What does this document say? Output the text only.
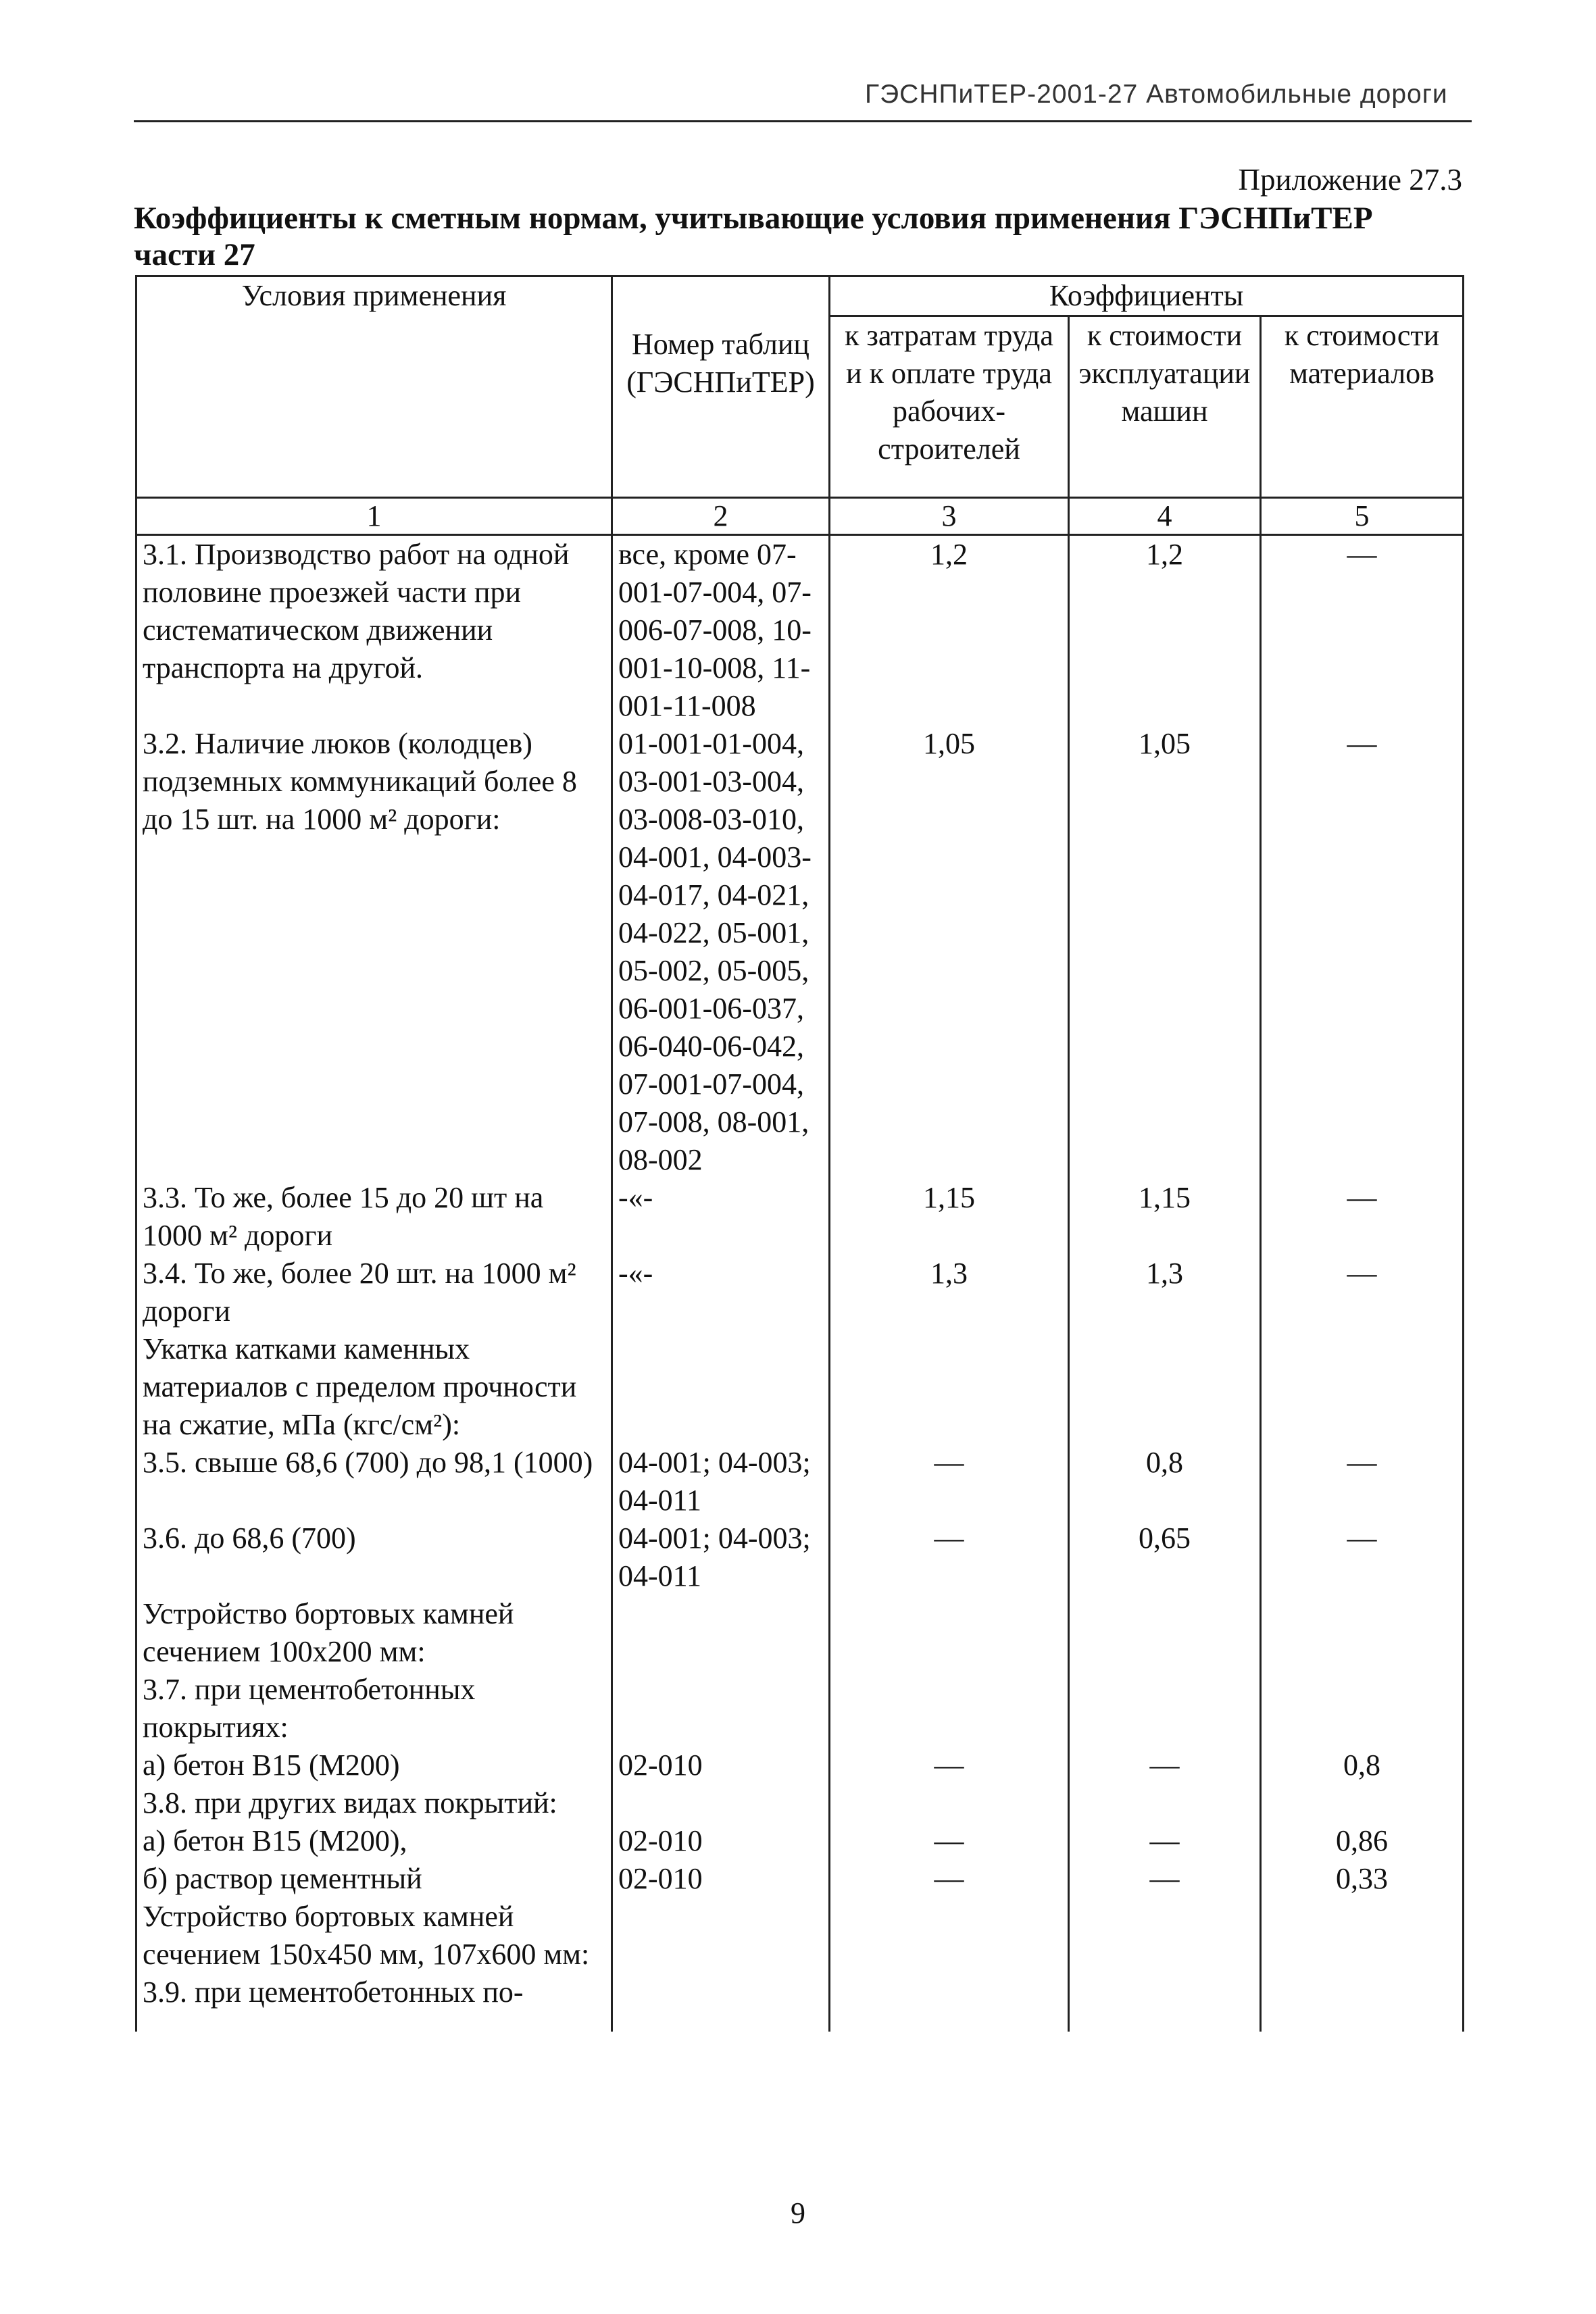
ГЭСНПиТЕР-2001-27 Автомобильные дороги
Приложение 27.3
Коэффициенты к сметным нормам, учитывающие условия применения ГЭСНПиТЕР
части 27
Условия применения	Номер таблиц (ГЭСНПиТЕР)	Коэффициенты		
		к затратам труда и к оплате труда рабочих-строителей	к стоимости эксплуатации машин	к стоимости материалов
1	2	3	4	5
3.1. Производство работ на одной половине проезжей части при систематическом движении транспорта на другой.	все, кроме 07-001-07-004, 07-006-07-008, 10-001-10-008, 11-001-11-008	1,2	1,2	—
3.2. Наличие люков (колодцев) подземных коммуникаций более 8 до 15 шт. на 1000 м² дороги:	01-001-01-004, 03-001-03-004, 03-008-03-010, 04-001, 04-003-04-017, 04-021, 04-022, 05-001, 05-002, 05-005, 06-001-06-037, 06-040-06-042, 07-001-07-004, 07-008, 08-001, 08-002	1,05	1,05	—
3.3. То же, более 15 до 20 шт на 1000 м² дороги	-«-	1,15	1,15	—
3.4. То же, более 20 шт. на 1000 м² дороги	-«-	1,3	1,3	—
Укатка катками каменных материалов с пределом прочности на сжатие, мПа (кгс/см²):				
3.5. свыше 68,6 (700) до 98,1 (1000)	04-001; 04-003; 04-011	—	0,8	—
3.6. до 68,6 (700)	04-001; 04-003; 04-011	—	0,65	—
Устройство бортовых камней сечением 100x200 мм:				
3.7. при цементобетонных покрытиях:				
а) бетон В15 (М200)	02-010	—	—	0,8
3.8. при других видах покрытий:				
а) бетон В15 (М200),	02-010	—	—	0,86
б) раствор цементный	02-010	—	—	0,33
Устройство бортовых камней сечением 150x450 мм, 107x600 мм:				
3.9. при цементобетонных по-				

9
